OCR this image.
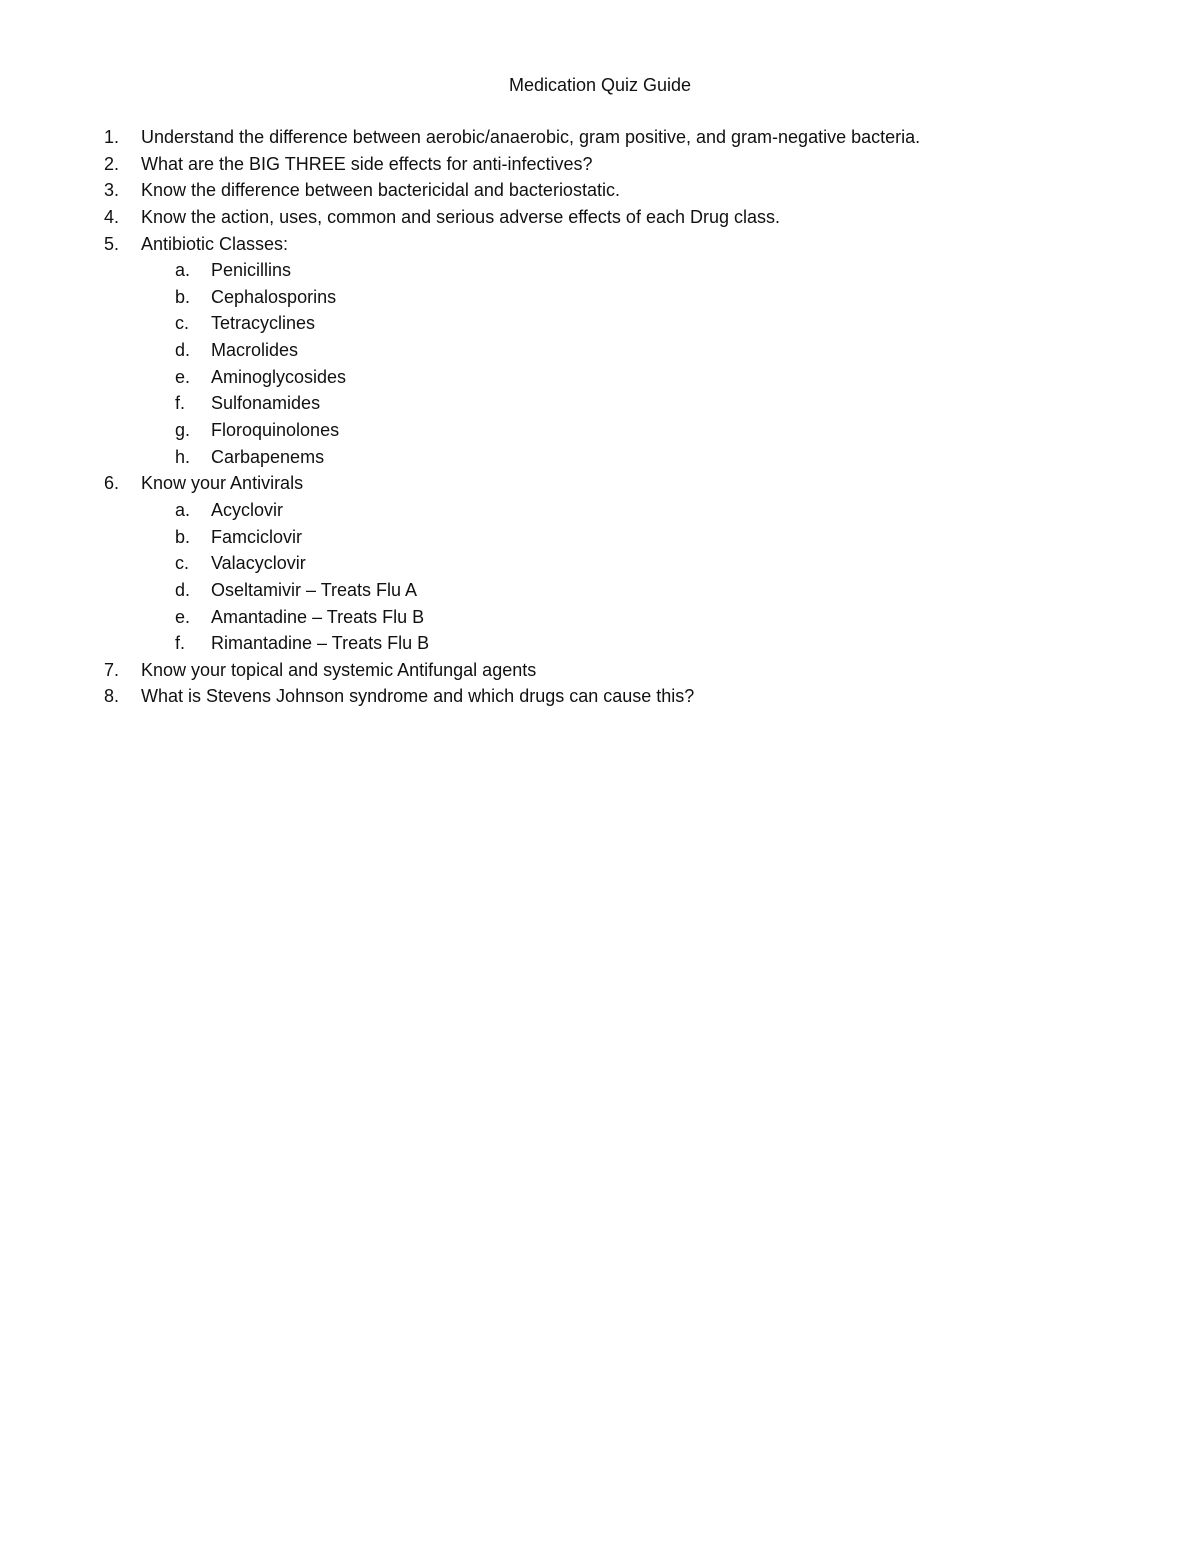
Medication Quiz Guide
1. Understand the difference between aerobic/anaerobic, gram positive, and gram-negative bacteria.
2. What are the BIG THREE side effects for anti-infectives?
3. Know the difference between bactericidal and bacteriostatic.
4. Know the action, uses, common and serious adverse effects of each Drug class.
5. Antibiotic Classes:
a. Penicillins
b. Cephalosporins
c. Tetracyclines
d. Macrolides
e. Aminoglycosides
f. Sulfonamides
g. Floroquinolones
h. Carbapenems
6. Know your Antivirals
a. Acyclovir
b. Famciclovir
c. Valacyclovir
d. Oseltamivir – Treats Flu A
e. Amantadine – Treats Flu B
f. Rimantadine – Treats Flu B
7. Know your topical and systemic Antifungal agents
8. What is Stevens Johnson syndrome and which drugs can cause this?
